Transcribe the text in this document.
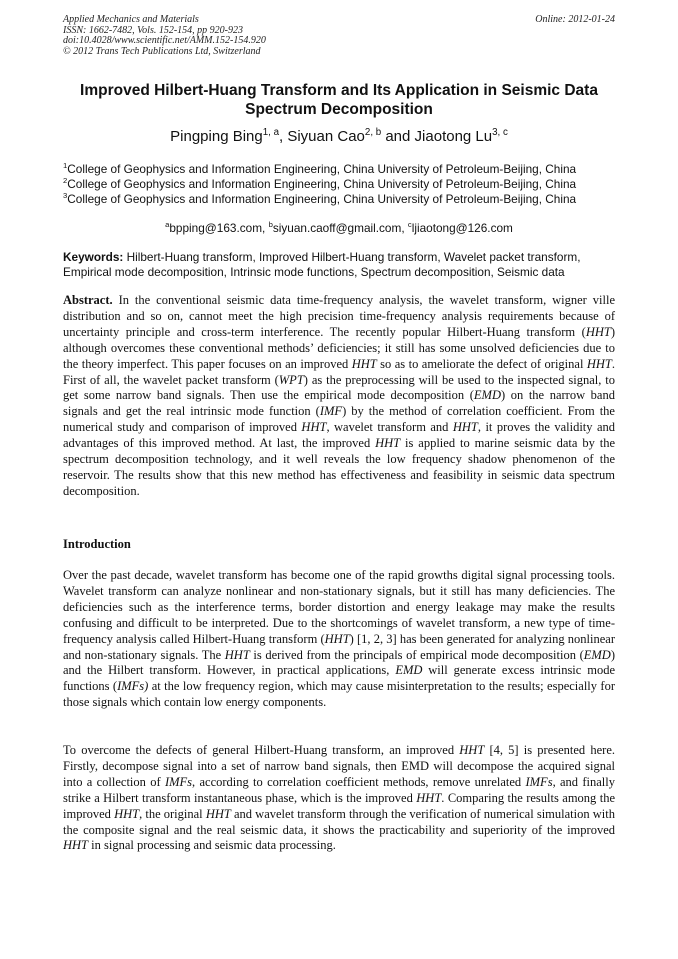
Applied Mechanics and Materials
ISSN: 1662-7482, Vols. 152-154, pp 920-923
doi:10.4028/www.scientific.net/AMM.152-154.920
© 2012 Trans Tech Publications Ltd, Switzerland
Online: 2012-01-24
Improved Hilbert-Huang Transform and Its Application in Seismic Data Spectrum Decomposition
Pingping Bing$^{1, a}$, Siyuan Cao$^{2, b}$ and Jiaotong Lu$^{3, c}$
$^1$College of Geophysics and Information Engineering, China University of Petroleum-Beijing, China
$^2$College of Geophysics and Information Engineering, China University of Petroleum-Beijing, China
$^3$College of Geophysics and Information Engineering, China University of Petroleum-Beijing, China
$^a$bpping@163.com, $^b$siyuan.caoff@gmail.com, $^c$ljiaotong@126.com
Keywords: Hilbert-Huang transform, Improved Hilbert-Huang transform, Wavelet packet transform, Empirical mode decomposition, Intrinsic mode functions, Spectrum decomposition, Seismic data
Abstract. In the conventional seismic data time-frequency analysis, the wavelet transform, wigner ville distribution and so on, cannot meet the high precision time-frequency analysis requirements because of uncertainty principle and cross-term interference. The recently popular Hilbert-Huang transform (HHT) although overcomes these conventional methods’ deficiencies; it still has some unsolved deficiencies due to the theory imperfect. This paper focuses on an improved HHT so as to ameliorate the defect of original HHT. First of all, the wavelet packet transform (WPT) as the preprocessing will be used to the inspected signal, to get some narrow band signals. Then use the empirical mode decomposition (EMD) on the narrow band signals and get the real intrinsic mode function (IMF) by the method of correlation coefficient. From the numerical study and comparison of improved HHT, wavelet transform and HHT, it proves the validity and advantages of this improved method. At last, the improved HHT is applied to marine seismic data by the spectrum decomposition technology, and it well reveals the low frequency shadow phenomenon of the reservoir. The results show that this new method has effectiveness and feasibility in seismic data spectrum decomposition.
Introduction
Over the past decade, wavelet transform has become one of the rapid growths digital signal processing tools. Wavelet transform can analyze nonlinear and non-stationary signals, but it still has many deficiencies. The deficiencies such as the interference terms, border distortion and energy leakage may make the results confusing and difficult to be interpreted. Due to the shortcomings of wavelet transform, a new type of time-frequency analysis called Hilbert-Huang transform (HHT) [1, 2, 3] has been generated for analyzing nonlinear and non-stationary signals. The HHT is derived from the principals of empirical mode decomposition (EMD) and the Hilbert transform. However, in practical applications, EMD will generate excess intrinsic mode functions (IMFs) at the low frequency region, which may cause misinterpretation to the results; especially for those signals which contain low energy components.
To overcome the defects of general Hilbert-Huang transform, an improved HHT [4, 5] is presented here. Firstly, decompose signal into a set of narrow band signals, then EMD will decompose the acquired signal into a collection of IMFs, according to correlation coefficient methods, remove unrelated IMFs, and finally strike a Hilbert transform instantaneous phase, which is the improved HHT. Comparing the results among the improved HHT, the original HHT and wavelet transform through the verification of numerical simulation with the composite signal and the real seismic data, it shows the practicability and superiority of the improved HHT in signal processing and seismic data processing.
